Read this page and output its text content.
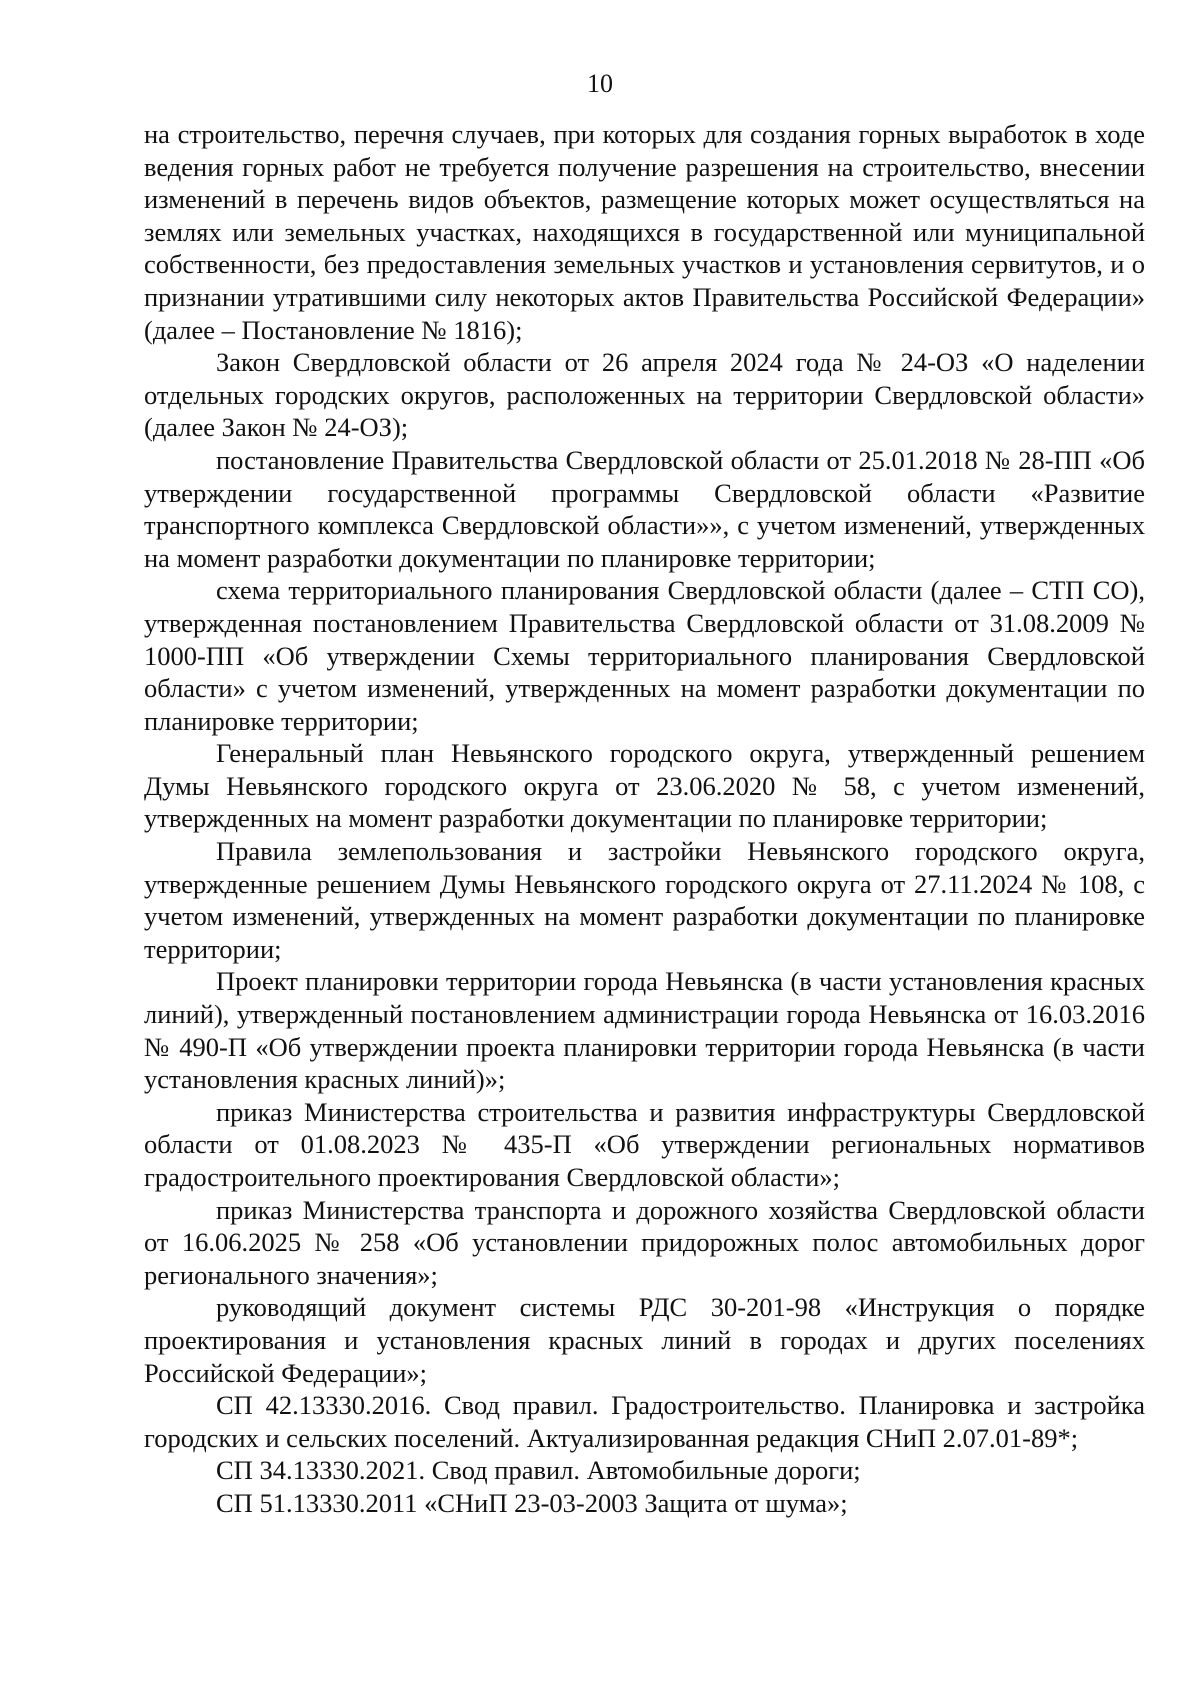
10

на строительство, перечня случаев, при которых для создания горных выработок в ходе ведения горных работ не требуется получение разрешения на строительство, внесении изменений в перечень видов объектов, размещение которых может осуществляться на землях или земельных участках, находящихся в государственной или муниципальной собственности, без предоставления земельных участков и установления сервитутов, и о признании утратившими силу некоторых актов Правительства Российской Федерации» (далее – Постановление № 1816);

Закон Свердловской области от 26 апреля 2024 года № 24-ОЗ «О наделении отдельных городских округов, расположенных на территории Свердловской области» (далее Закон № 24-ОЗ);

постановление Правительства Свердловской области от 25.01.2018 № 28-ПП «Об утверждении государственной программы Свердловской области «Развитие транспортного комплекса Свердловской области»», с учетом изменений, утвержденных на момент разработки документации по планировке территории;

схема территориального планирования Свердловской области (далее – СТП СО), утвержденная постановлением Правительства Свердловской области от 31.08.2009 № 1000-ПП «Об утверждении Схемы территориального планирования Свердловской области» с учетом изменений, утвержденных на момент разработки документации по планировке территории;

Генеральный план Невьянского городского округа, утвержденный решением Думы Невьянского городского округа от 23.06.2020 № 58, с учетом изменений, утвержденных на момент разработки документации по планировке территории;

Правила землепользования и застройки Невьянского городского округа, утвержденные решением Думы Невьянского городского округа от 27.11.2024 № 108, с учетом изменений, утвержденных на момент разработки документации по планировке территории;

Проект планировки территории города Невьянска (в части установления красных линий), утвержденный постановлением администрации города Невьянска от 16.03.2016 № 490-П «Об утверждении проекта планировки территории города Невьянска (в части установления красных линий)»;

приказ Министерства строительства и развития инфраструктуры Свердловской области от 01.08.2023 № 435-П «Об утверждении региональных нормативов градостроительного проектирования Свердловской области»;

приказ Министерства транспорта и дорожного хозяйства Свердловской области от 16.06.2025 № 258 «Об установлении придорожных полос автомобильных дорог регионального значения»;

руководящий документ системы РДС 30-201-98 «Инструкция о порядке проектирования и установления красных линий в городах и других поселениях Российской Федерации»;

СП 42.13330.2016. Свод правил. Градостроительство. Планировка и застройка городских и сельских поселений. Актуализированная редакция СНиП 2.07.01-89*;

СП 34.13330.2021. Свод правил. Автомобильные дороги;

СП 51.13330.2011 «СНиП 23-03-2003 Защита от шума»;
